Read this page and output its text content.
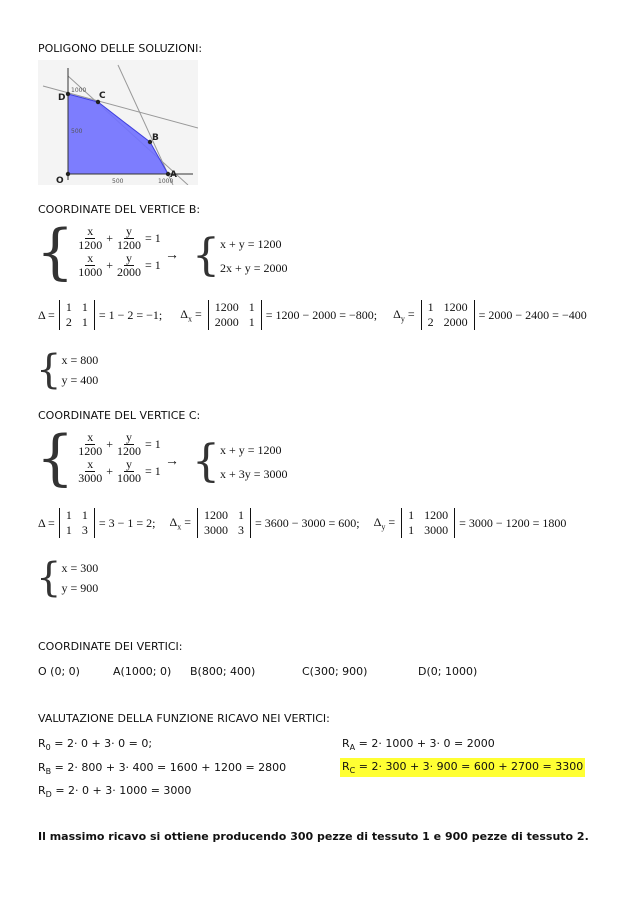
POLIGONO DELLE SOLUZIONI:
D	C
B
A
O
1000
500
500	1000
COORDINATE DEL VERTICE B:
{ $\frac{x}{1200} + \frac{y}{1200} = 1$
$\frac{x}{1000} + \frac{y}{2000} = 1$
→ { x + y = 1200
2x + y = 2000
Δ =
1 1
2 1
= 1 − 2 = −1; $\Delta_x = 1200$ 1
2000 1
= 1200 − 2000 = −800; $\Delta_y = 1$ 1200
2 2000
= 2000 − 2400 = −400
{ x = 800
y = 400
COORDINATE DEL VERTICE C:
{ $\frac{x}{1200} + \frac{y}{1200} = 1$
$\frac{x}{3000} + \frac{y}{1000} = 1$
→ { x + y = 1200
x + 3y = 3000
Δ =
1 1
1 3
= 3 − 1 = 2; $\Delta_x = 1200$ 1
3000 3
= 3600 − 3000 = 600; $\Delta_y = 1$ 1200
1 3000
= 3000 − 1200 = 1800
{ x = 300
y = 900
COORDINATE DEI VERTICI:
O (0; 0)	A(1000; 0) B(800; 400)	C(300; 900)	D(0; 1000)
VALUTAZIONE DELLA FUNZIONE RICAVO NEI VERTICI:
$R_0 = 2\cdot 0 + 3\cdot 0 = 0$;	$R_A = 2\cdot 1000 + 3\cdot 0 = 2000$
$R_B = 2\cdot 800 + 3\cdot 400 = 1600 + 1200 = 2800$	$R_C = 2\cdot 300 + 3\cdot 900 = 600 + 2700 = 3300$
$R_D = 2\cdot 0 + 3\cdot 1000 = 3000$
Il massimo ricavo si ottiene producendo 300 pezze di tessuto 1 e 900 pezze di tessuto 2.
